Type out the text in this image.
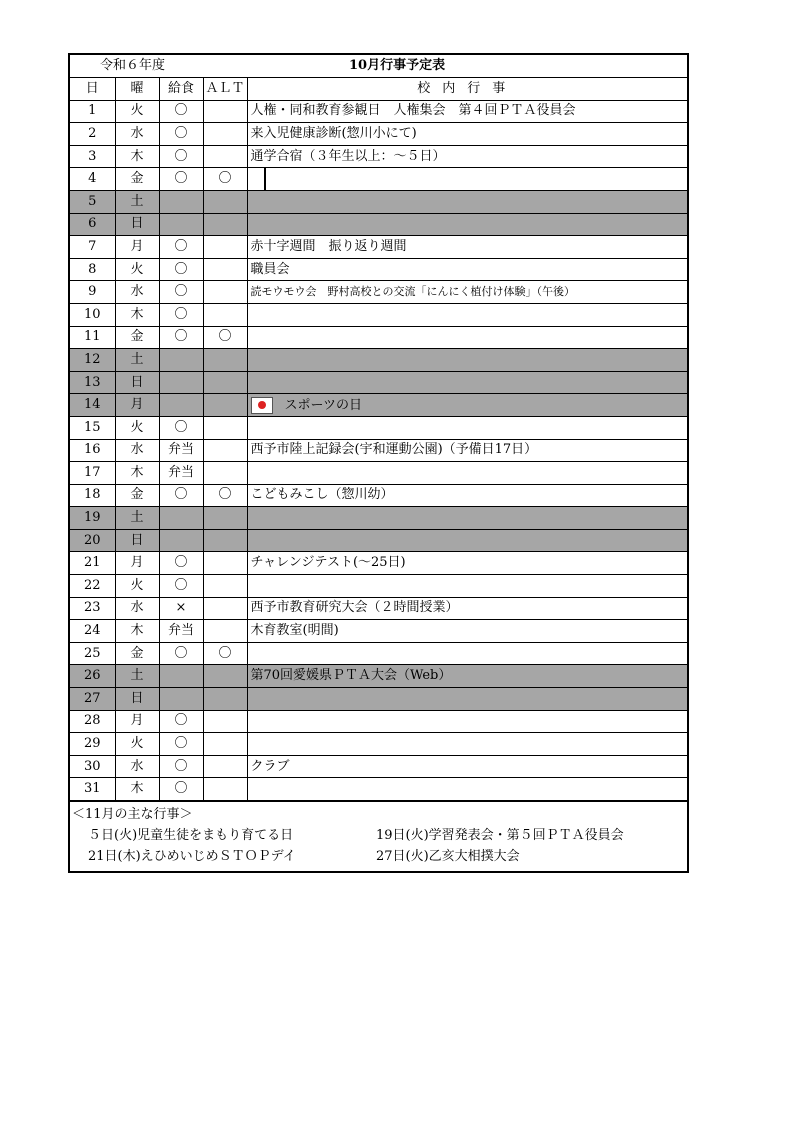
令和６年度			10月行事予定表	
日	曜	給食	ＡＬＴ	校内行事
1	火	〇		人権・同和教育参観日　人権集会　第４回ＰＴＡ役員会
2	水	〇		来入児健康診断(惣川小にて)
3	木	〇		通学合宿（３年生以上：～５日）
4	金	〇	〇	

5	土			
6	日			
7	月	〇		赤十字週間　振り返り週間
8	火	〇		職員会
9	水	〇		読モウモウ会　野村高校との交流「にんにく植付け体験」（午後）
10	木	〇		
11	金	〇	〇	
12	土			
13	日			
14	月			スポーツの日
15	火	〇		
16	水	弁当		西予市陸上記録会(宇和運動公園)（予備日17日）
17	木	弁当		
18	金	〇	〇	こどもみこし（惣川幼）
19	土			
20	日			
21	月	〇		チャレンジテスト(～25日)
22	火	〇		
23	水	×		西予市教育研究大会（２時間授業）
24	木	弁当		木育教室(明間)
25	金	〇	〇	
26	土			第70回愛媛県ＰＴＡ大会（Web）
27	日			
28	月	〇		
29	火	〇		
30	水	〇		クラブ
31	木	〇		
＜11月の主な行事＞
５日(火)児童生徒をまもり育てる日	19日(火)学習発表会・第５回ＰＴＡ役員会
21日(木)えひめいじめＳＴＯＰデイ	27日(火)乙亥大相撲大会
